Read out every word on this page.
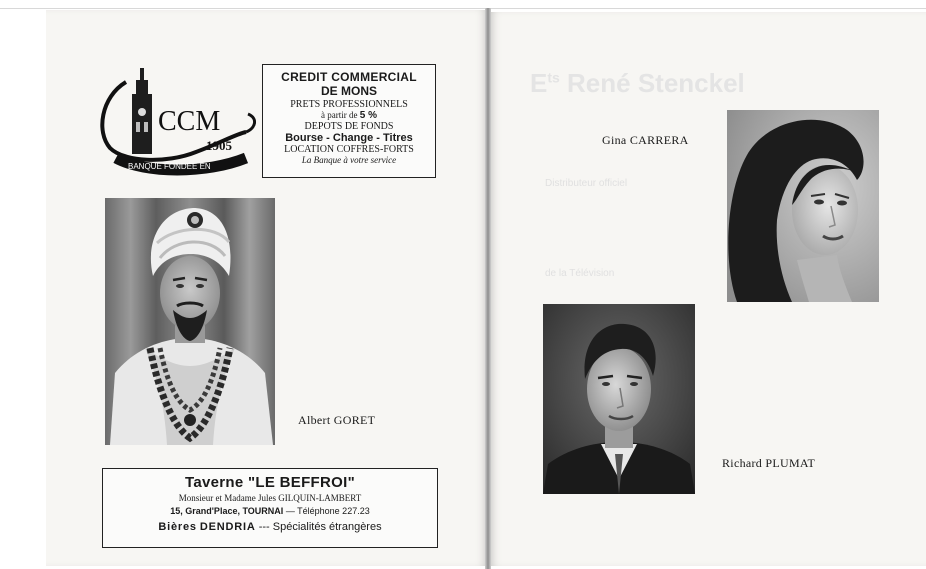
$E^{ts}$ René Stenckel
Distributeur officiel
de la Télévision
CCM
1905
BANQUE FONDÉE EN
CREDIT COMMERCIAL
DE MONS
PRETS PROFESSIONNELS
à partir de 5 %
DEPOTS DE FONDS
Bourse - Change - Titres
LOCATION COFFRES-FORTS
La Banque à votre service
Albert GORET
Gina CARRERA
Richard PLUMAT
Taverne "LE BEFFROI"
Monsieur et Madame Jules GILQUIN-LAMBERT
15, Grand'Place, TOURNAI — Téléphone 227.23
Bières DENDRIA --- Spécialités étrangères
